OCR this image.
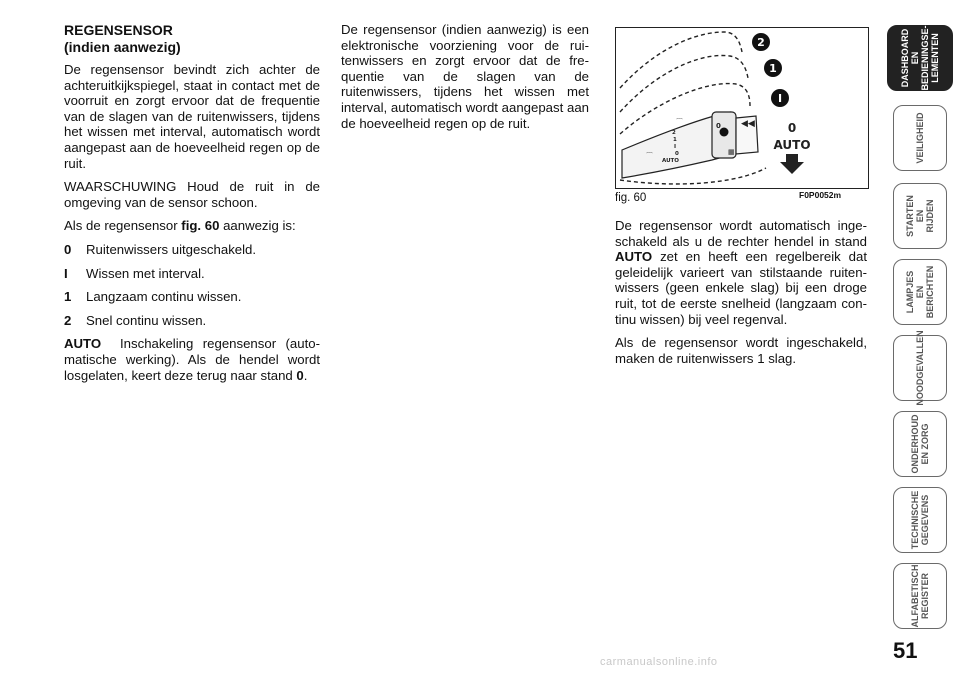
REGENSENSOR
(indien aanwezig)

De regensensor bevindt zich achter de achteruitkijkspiegel, staat in contact met de voorruit en zorgt ervoor dat de frequentie van de slagen van de ruitenwissers, tijdens het wissen met interval, automatisch wordt aangepast aan de hoeveelheid regen op de ruit.

WAARSCHUWING Houd de ruit in de omgeving van de sensor schoon.

Als de regensensor fig. 60 aanwezig is:

0 Ruitenwissers uitgeschakeld.
I Wissen met interval.
1 Langzaam continu wissen.
2 Snel continu wissen.

AUTO Inschakeling regensensor (automatische werking). Als de hendel wordt losgelaten, keert deze terug naar stand 0.

De regensensor (indien aanwezig) is een elektronische voorziening voor de ruitenwissers en zorgt ervoor dat de frequentie van de slagen van de ruitenwissers, tijdens het wissen met interval, automatisch wordt aangepast aan de hoeveelheid regen op de ruit.

⌒
⌒
▦
◀◀
0
2
1
I
0
AUTO
2
1
I
0
AUTO
fig. 60	F0P0052m

De regensensor wordt automatisch ingeschakeld als u de rechter hendel in stand AUTO zet en heeft een regelbereik dat geleidelijk varieert van stilstaande ruitenwissers (geen enkele slag) bij een droge ruit, tot de eerste snelheid (langzaam continu wissen) bij veel regenval.

Als de regensensor wordt ingeschakeld, maken de ruitenwissers 1 slag.

DASHBOARD EN
BEDIENINGSE-
LEMENTEN
VEILIGHEID
STARTEN EN
RIJDEN
LAMPJES EN
BERICHTEN
NOODGEVALLEN
ONDERHOUD
EN ZORG
TECHNISCHE
GEGEVENS
ALFABETISCH
REGISTER
51
carmanualsonline.info
